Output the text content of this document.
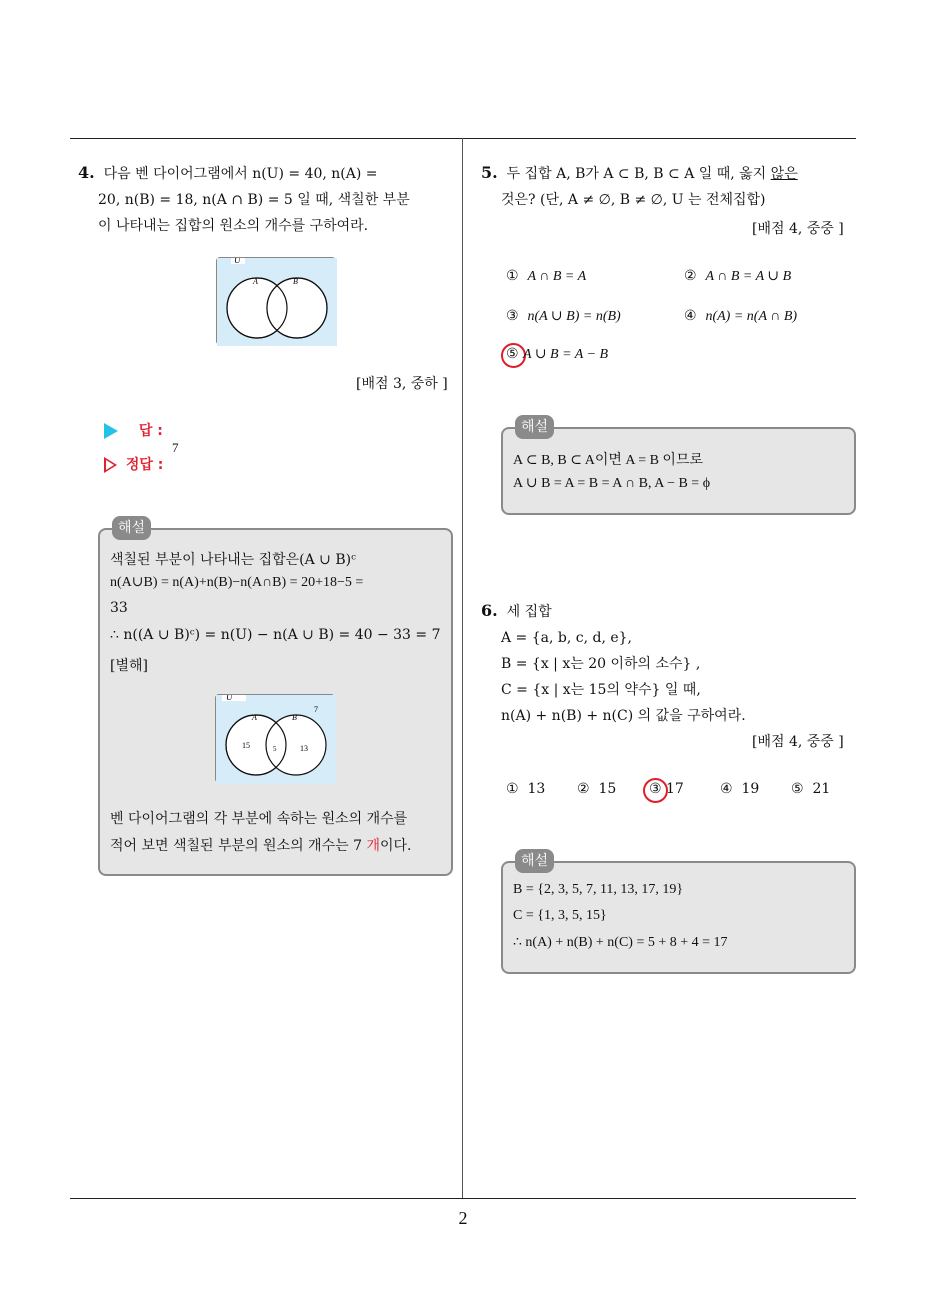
2
4. 다음 벤 다이어그램에서 n(U) = 40, n(A) =
20, n(B) = 18, n(A ∩ B) = 5 일 때, 색칠한 부분
이 나타내는 집합의 원소의 개수를 구하여라.
U
A	B
[배점 3, 중하 ]
답 :
정답 :
7
해설
색칠된 부분이 나타내는 집합은(A ∪ B)ᶜ
n(A∪B) = n(A)+n(B)−n(A∩B) = 20+18−5 =
33
∴ n((A ∪ B)ᶜ) = n(U) − n(A ∪ B) = 40 − 33 = 7
[별해]
U
A	B
7
15	5	13
벤 다이어그램의 각 부분에 속하는 원소의 개수를
적어 보면 색칠된 부분의 원소의 개수는 7 개이다.
5. 두 집합 A, B가 A ⊂ B, B ⊂ A 일 때, 옳지 않은
것은? (단, A ≠ ∅, B ≠ ∅, U 는 전체집합)
[배점 4, 중중 ]
① A ∩ B = A	② A ∩ B = A ∪ B
③ n(A ∪ B) = n(B)	④ n(A) = n(A ∩ B)
⑤ A ∪ B = A − B
해설
A ⊂ B, B ⊂ A이면 A = B 이므로
A ∪ B = A = B = A ∩ B, A − B = ϕ
6. 세 집합
A = {a, b, c, d, e},
B = {x | x는 20 이하의 소수} ,
C = {x | x는 15의 약수} 일 때,
n(A) + n(B) + n(C) 의 값을 구하여라.
[배점 4, 중중 ]
① 13 ② 15 ③ 17	④ 19 ⑤ 21
해설
B = {2, 3, 5, 7, 11, 13, 17, 19}
C = {1, 3, 5, 15}
∴ n(A) + n(B) + n(C) = 5 + 8 + 4 = 17
